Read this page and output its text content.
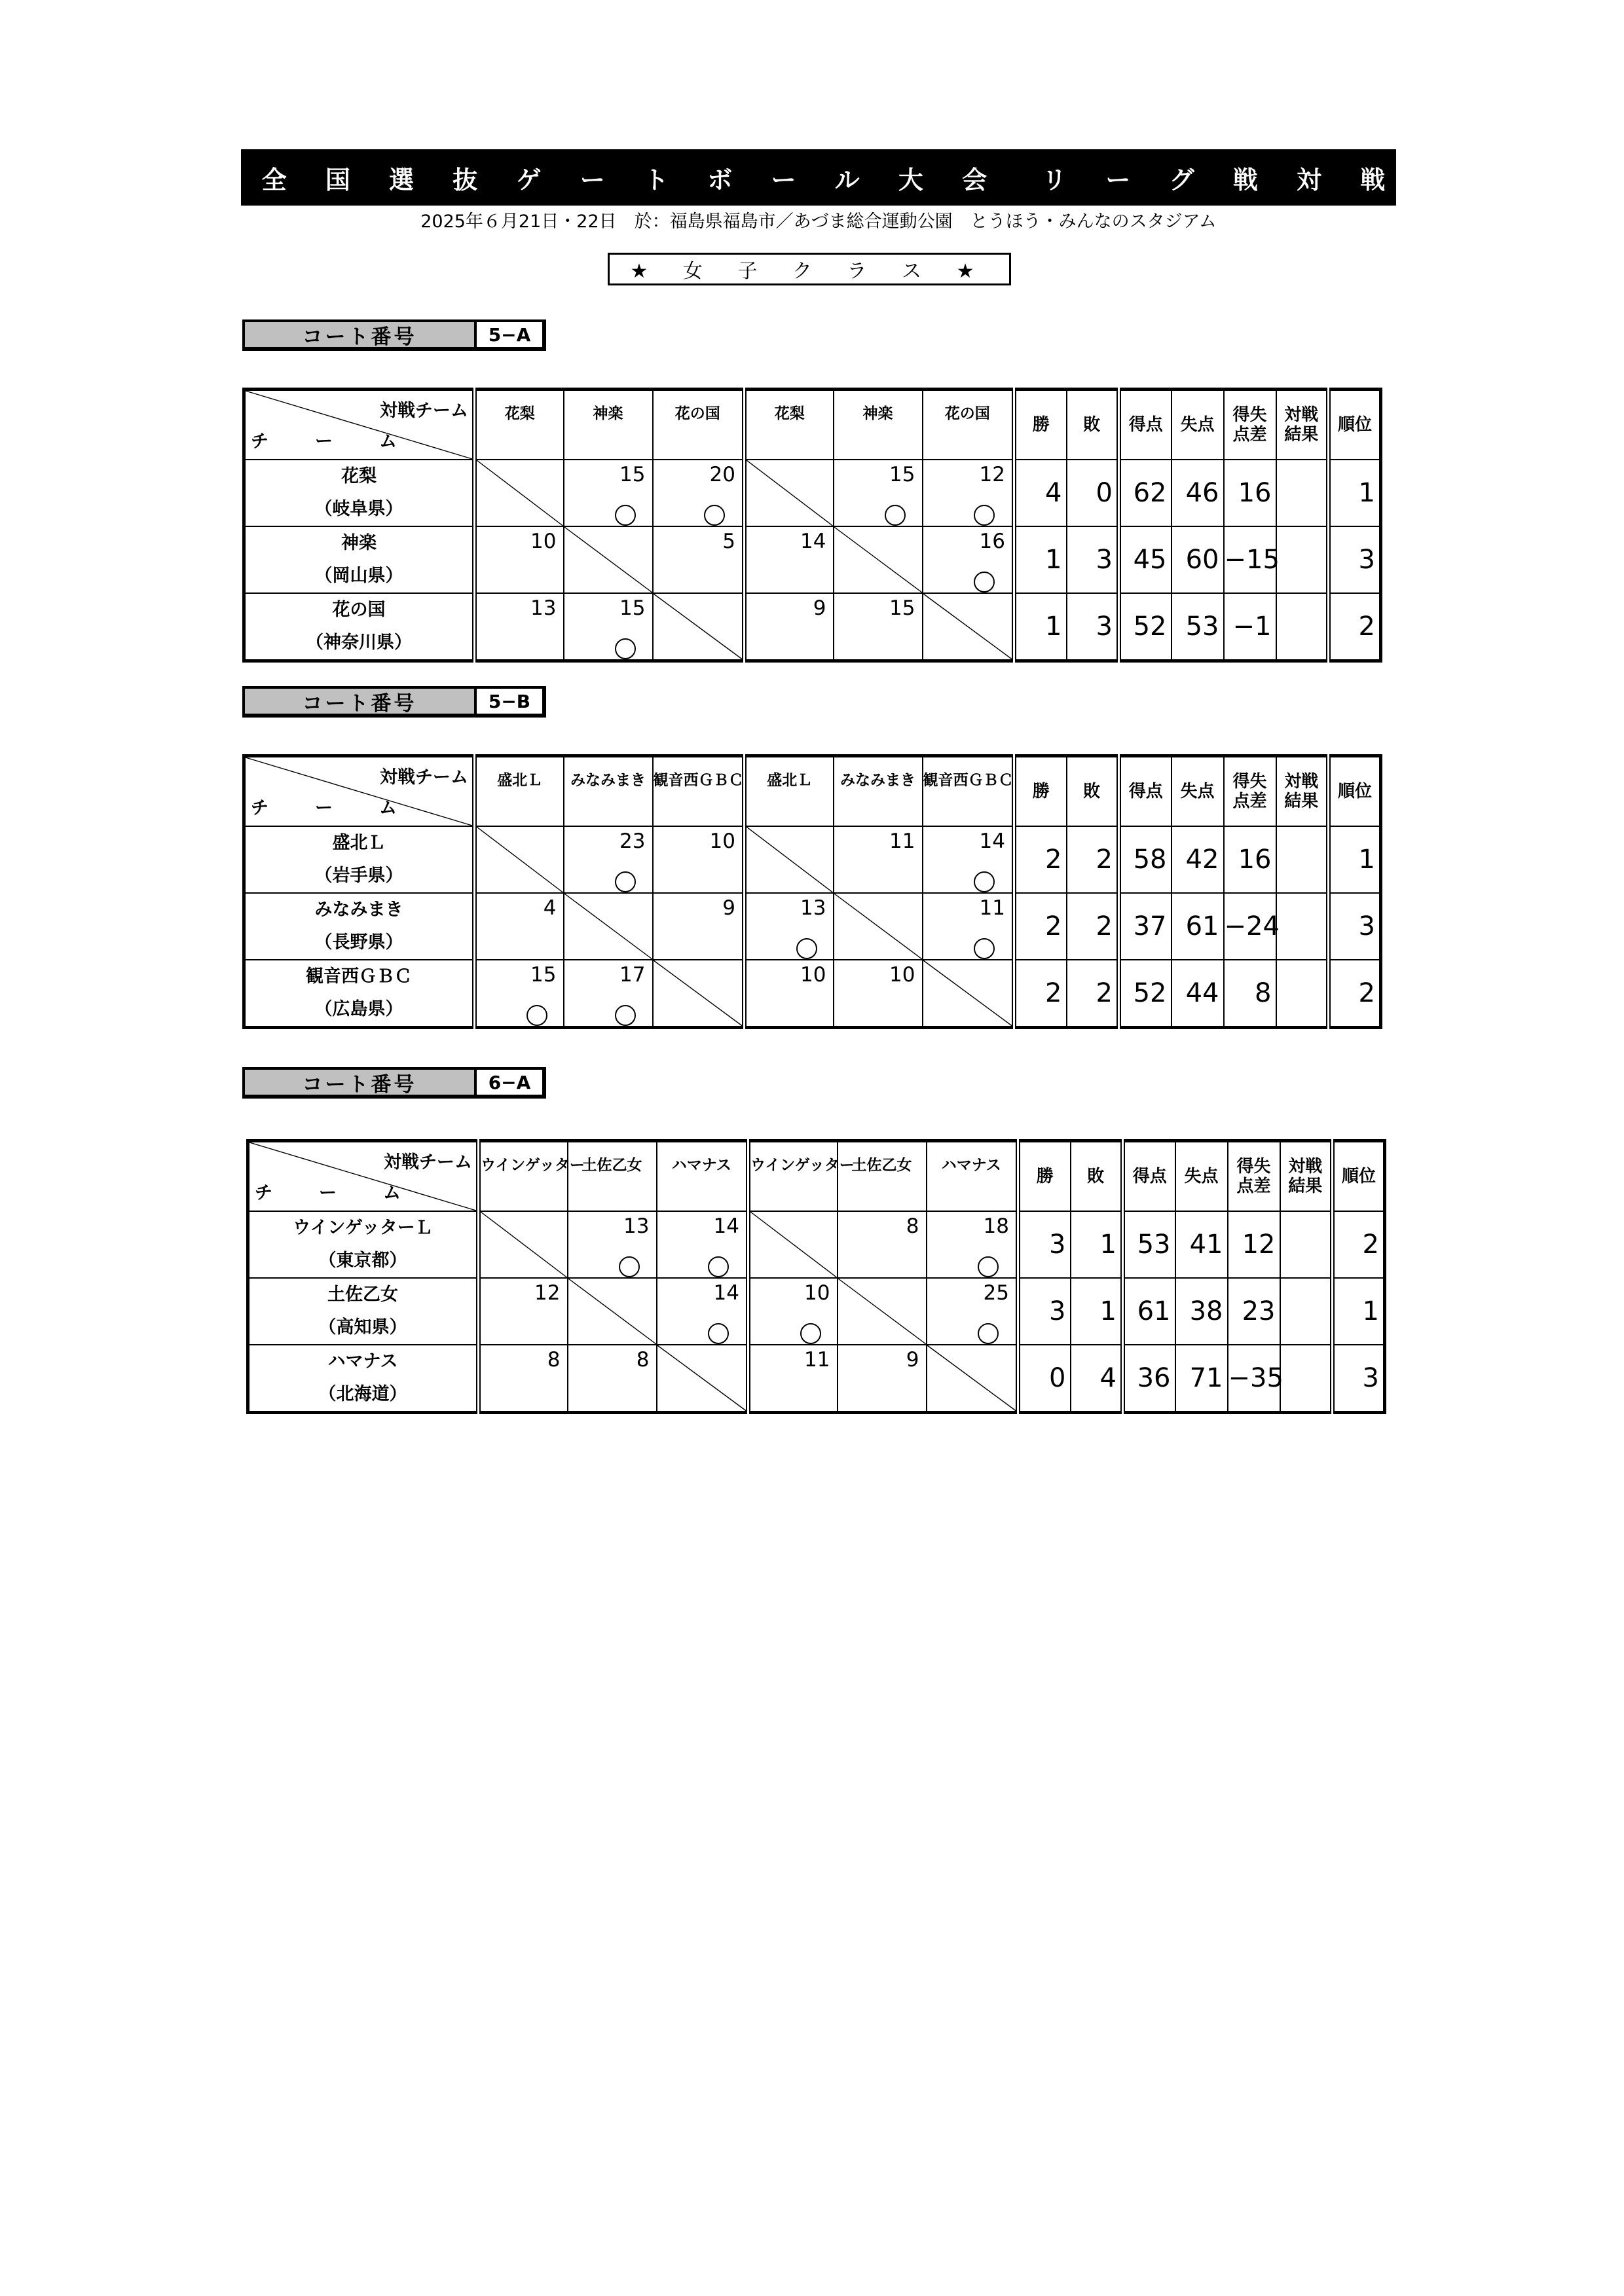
第 40 回 全 国 選 抜 ゲ ー ト ボ ー ル 大 会　リ ー グ 戦 対 戦 成 績 表
2025年６月21日・22日　於：福島県福島市／あづま総合運動公園　とうほう・みんなのスタジアム
★ 女 子 ク ラ ス ★
コート番号	5−A
対戦チーム
チ　ー　ム	花梨	神楽	花の国	花梨	神楽	花の国	勝	敗	得点	失点	得失
点差	対戦
結果	順位

花梨
（岐阜県）		15	20		15	12	4	0	62	46	16		1

神楽
（岡山県）	10		5	14		16	1	3	45	60	−15		3

花の国
（神奈川県）	13	15		9	15		1	3	52	53	−1		2
コート番号	5−B
対戦チーム
チ　ー　ム	盛北Ｌ	みなみまき	観音西ＧＢＣ	盛北Ｌ	みなみまき	観音西ＧＢＣ	勝	敗	得点	失点	得失
点差	対戦
結果	順位

盛北Ｌ
（岩手県）		23	10		11	14	2	2	58	42	16		1

みなみまき
（長野県）	4		9	13		11	2	2	37	61	−24		3

観音西ＧＢＣ
（広島県）	15	17		10	10		2	2	52	44	8		2
コート番号	6−A
対戦チーム
チ　ー　ム	ウインゲッター	土佐乙女	ハマナス	ウインゲッター	土佐乙女	ハマナス	勝	敗	得点	失点	得失
点差	対戦
結果	順位

ウインゲッターＬ
（東京都）		13	14		8	18	3	1	53	41	12		2

土佐乙女
（高知県）	12		14	10		25	3	1	61	38	23		1

ハマナス
（北海道）	8	8		11	9		0	4	36	71	−35		3
